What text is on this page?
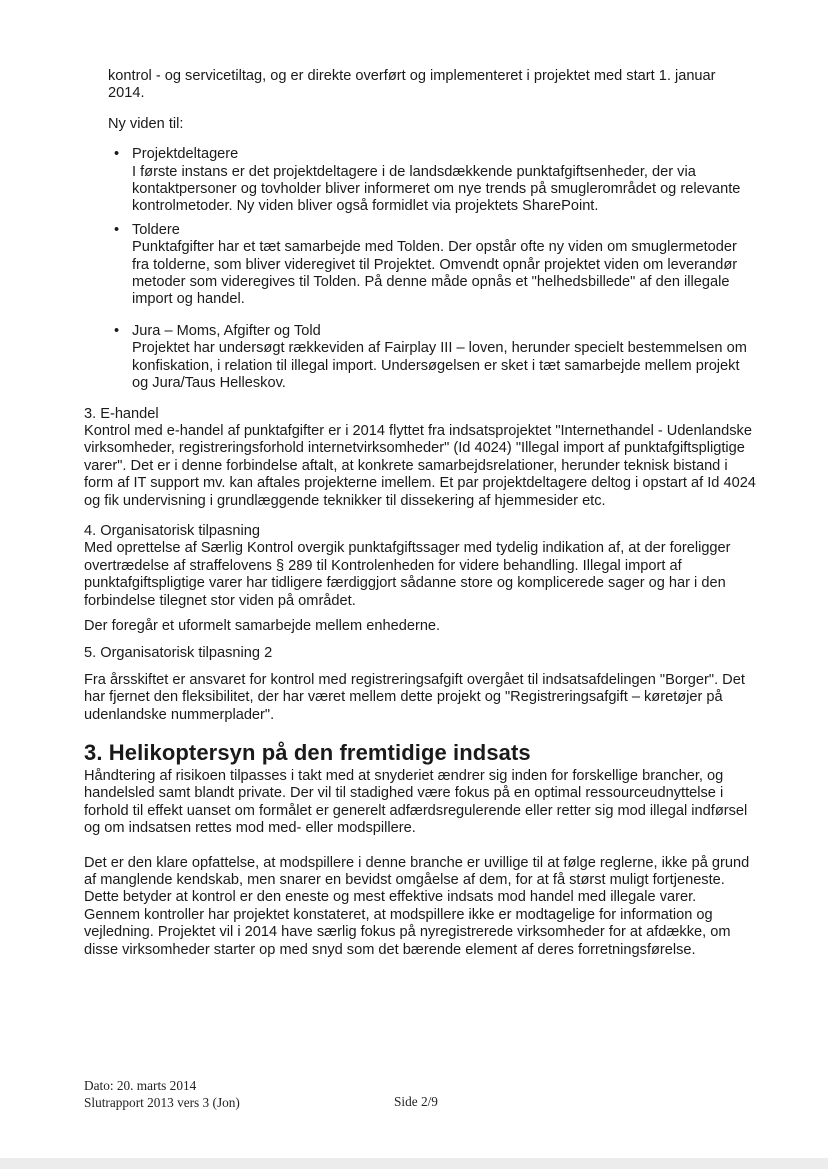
kontrol - og servicetiltag, og er direkte overført og implementeret i projektet med start 1. januar 2014.

Ny viden til:

• Projektdeltagere
I første instans er det projektdeltagere i de landsdækkende punktafgiftsenheder, der via kontaktpersoner og tovholder bliver informeret om nye trends på smuglerområdet og relevante kontrolmetoder. Ny viden bliver også formidlet via projektets SharePoint.
• Toldere
Punktafgifter har et tæt samarbejde med Tolden. Der opstår ofte ny viden om smuglermetoder fra tolderne, som bliver videregivet til Projektet. Omvendt opnår projektet viden om leverandør metoder som videregives til Tolden. På denne måde opnås et "helhedsbillede" af den illegale import og handel.
• Jura – Moms, Afgifter og Told
Projektet har undersøgt rækkeviden af Fairplay III – loven, herunder specielt bestemmelsen om konfiskation, i relation til illegal import. Undersøgelsen er sket i tæt samarbejde mellem projekt og Jura/Taus Helleskov.

3. E-handel

Kontrol med e-handel af punktafgifter er i 2014 flyttet fra indsatsprojektet "Internethandel - Udenlandske virksomheder, registreringsforhold internetvirksomheder" (Id 4024) "Illegal import af punktafgiftspligtige varer". Det er i denne forbindelse aftalt, at konkrete samarbejdsrelationer, herunder teknisk bistand i form af IT support mv. kan aftales projekterne imellem. Et par projektdeltagere deltog i opstart af Id 4024 og fik undervisning i grundlæggende teknikker til dissekering af hjemmesider etc.

4. Organisatorisk tilpasning

Med oprettelse af Særlig Kontrol overgik punktafgiftssager med tydelig indikation af, at der foreligger overtrædelse af straffelovens § 289 til Kontrolenheden for videre behandling. Illegal import af punktafgiftspligtige varer har tidligere færdiggjort sådanne store og komplicerede sager og har i den forbindelse tilegnet stor viden på området.

Der foregår et uformelt samarbejde mellem enhederne.

5. Organisatorisk tilpasning 2

Fra årsskiftet er ansvaret for kontrol med registreringsafgift overgået til indsatsafdelingen "Borger". Det har fjernet den fleksibilitet, der har været mellem dette projekt og "Registreringsafgift – køretøjer på udenlandske nummerplader".

3. Helikoptersyn på den fremtidige indsats

Håndtering af risikoen tilpasses i takt med at snyderiet ændrer sig inden for forskellige brancher, og handelsled samt blandt private. Der vil til stadighed være fokus på en optimal ressourceudnyttelse i forhold til effekt uanset om formålet er generelt adfærdsregulerende eller retter sig mod illegal indførsel og om indsatsen rettes mod med- eller modspillere.

Det er den klare opfattelse, at modspillere i denne branche er uvillige til at følge reglerne, ikke på grund af manglende kendskab, men snarer en bevidst omgåelse af dem, for at få størst muligt fortjeneste. Dette betyder at kontrol er den eneste og mest effektive indsats mod handel med illegale varer. Gennem kontroller har projektet konstateret, at modspillere ikke er modtagelige for information og vejledning. Projektet vil i 2014 have særlig fokus på nyregistrerede virksomheder for at afdække, om disse virksomheder starter op med snyd som det bærende element af deres forretningsførelse.

Dato: 20. marts 2014
Slutrapport 2013 vers 3 (Jon)	Side 2/9
